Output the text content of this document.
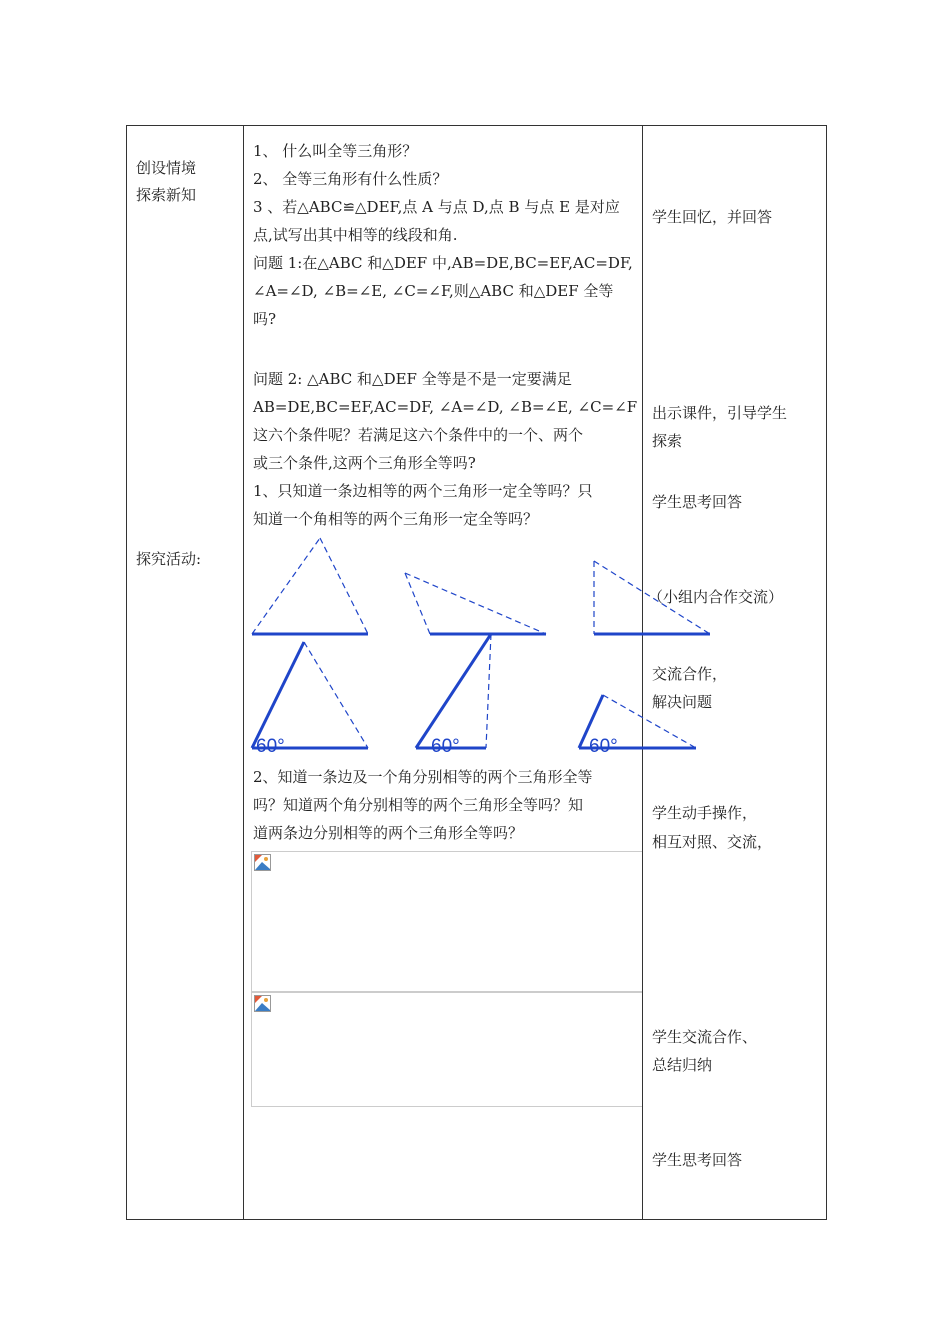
创设情境
探索新知
探究活动:
1、 什么叫全等三角形？
2、 全等三角形有什么性质？
3 、若△ABC≌△DEF,点 A 与点 D,点 B 与点 E 是对应
点,试写出其中相等的线段和角.
问题 1:在△ABC 和△DEF 中,AB=DE,BC=EF,AC=DF,
∠A=∠D, ∠B=∠E, ∠C=∠F,则△ABC 和△DEF 全等
吗?
问题 2: △ABC 和△DEF 全等是不是一定要满足
AB=DE,BC=EF,AC=DF, ∠A=∠D, ∠B=∠E, ∠C=∠F
这六个条件呢？若满足这六个条件中的一个、两个
或三个条件,这两个三角形全等吗?
1、只知道一条边相等的两个三角形一定全等吗？只
知道一个角相等的两个三角形一定全等吗？
2、知道一条边及一个角分别相等的两个三角形全等
吗？知道两个角分别相等的两个三角形全等吗？知
道两条边分别相等的两个三角形全等吗？
60°	60°	60°
学生回忆，并回答
出示课件，引导学生
探索
学生思考回答
（小组内合作交流）
交流合作，
解决问题
学生动手操作，
相互对照、交流，
学生交流合作、
总结归纳
学生思考回答
